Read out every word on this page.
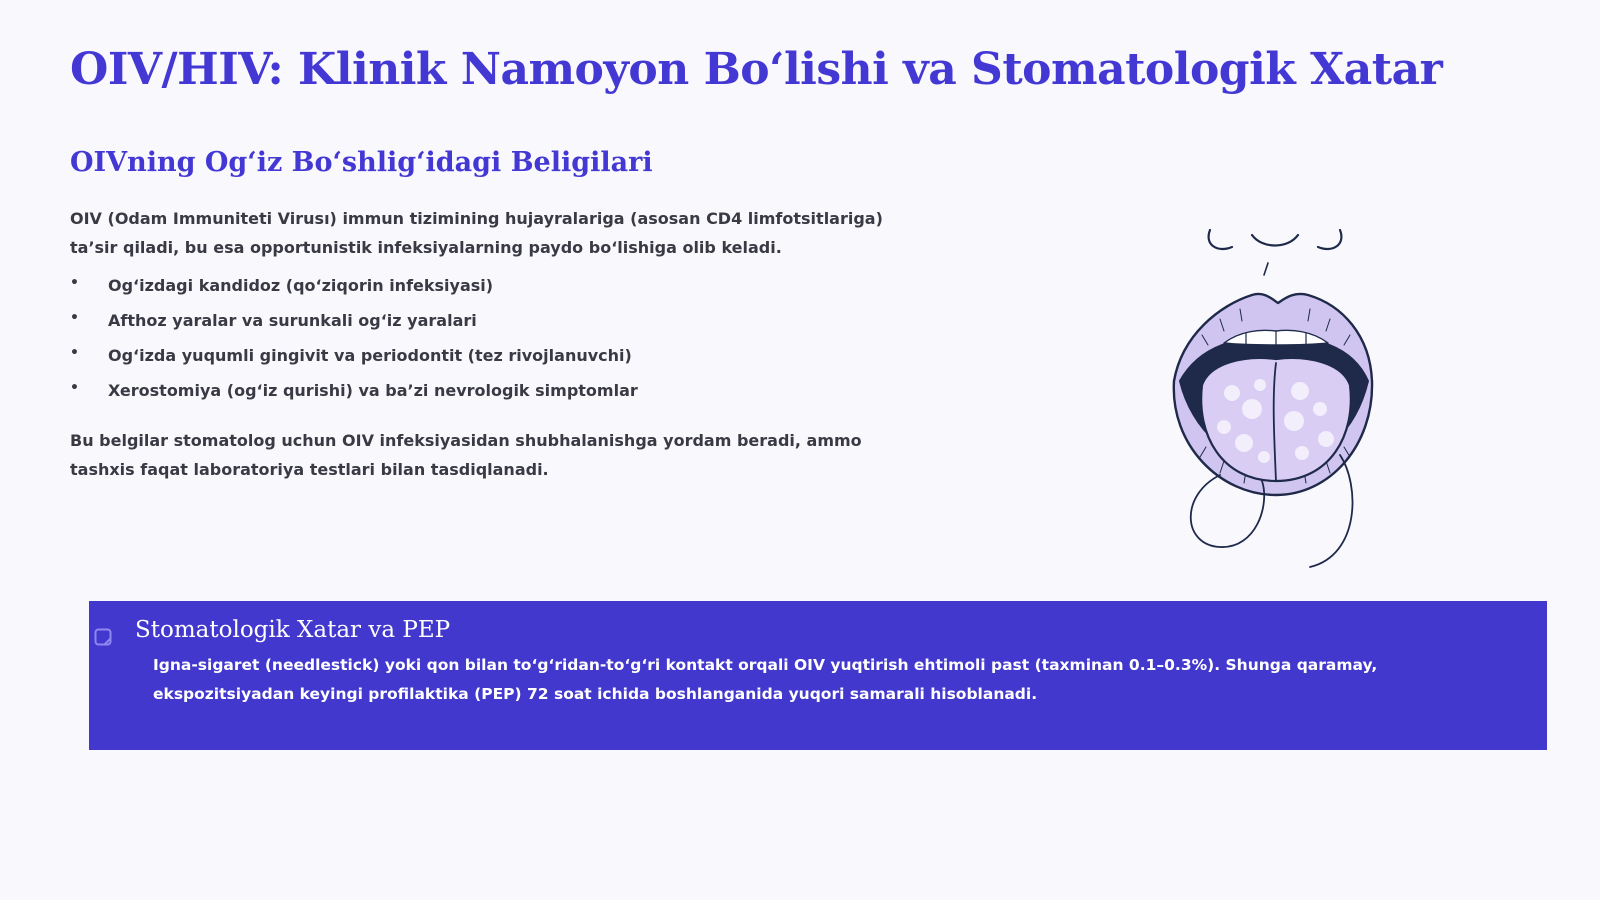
OIV/HIV: Klinik Namoyon Bo‘lishi va Stomatologik Xatar
OIVning Og‘iz Bo‘shlig‘idagi Beligilari

OIV (Odam Immuniteti Virusı) immun tizimining hujayralariga (asosan CD4 limfotsitlariga) ta’sir qiladi, bu esa opportunistik infeksiyalarning paydo bo‘lishiga olib keladi.

• Og‘izdagi kandidoz (qo‘ziqorin infeksiyasi)
• Afthoz yaralar va surunkali og‘iz yaralari
• Og‘izda yuqumli gingivit va periodontit (tez rivojlanuvchi)
• Xerostomiya (og‘iz qurishi) va ba’zi nevrologik simptomlar

Bu belgilar stomatolog uchun OIV infeksiyasidan shubhalanishga yordam beradi, ammo tashxis faqat laboratoriya testlari bilan tasdiqlanadi.

Stomatologik Xatar va PEP

Igna-sigaret (needlestick) yoki qon bilan to‘g‘ridan-to‘g‘ri kontakt orqali OIV yuqtirish ehtimoli past (taxminan 0.1–0.3%). Shunga qaramay, ekspozitsiyadan keyingi profilaktika (PEP) 72 soat ichida boshlanganida yuqori samarali hisoblanadi.
